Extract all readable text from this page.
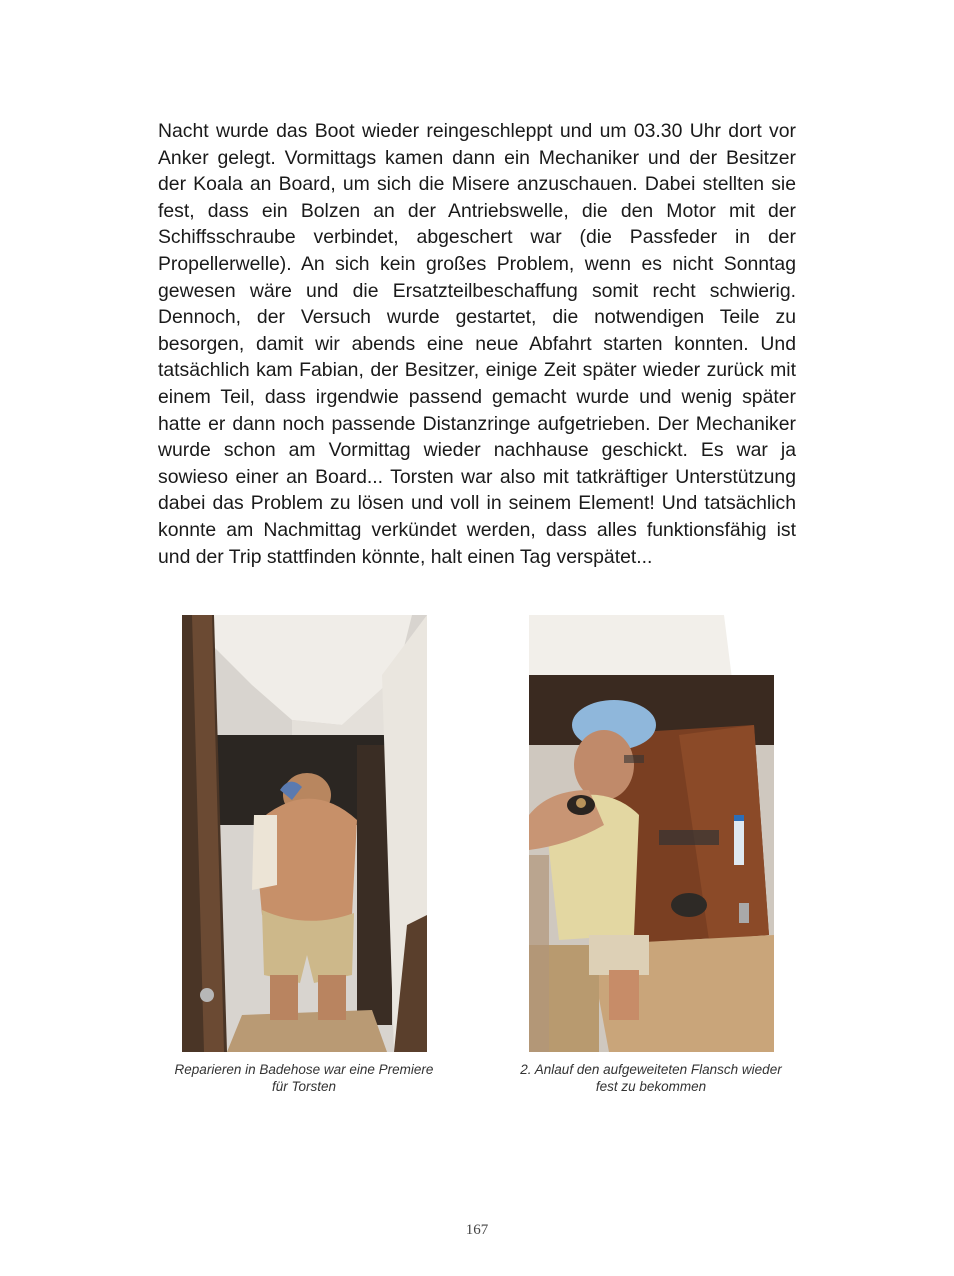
Nacht wurde das Boot wieder reingeschleppt und um 03.30 Uhr dort vor Anker gelegt. Vormittags kamen dann ein Mechaniker und der Besitzer der Koala an Board, um sich die Misere anzuschauen. Dabei stellten sie fest, dass ein Bolzen an der Antriebswelle, die den Motor mit der Schiffsschraube verbindet, abgeschert war (die Passfeder in der Propellerwelle). An sich kein großes Problem, wenn es nicht Sonntag gewesen wäre und die Ersatzteilbeschaffung somit recht schwierig. Dennoch, der Versuch wurde gestartet, die notwendigen Teile zu besorgen, damit wir abends eine neue Abfahrt starten konnten. Und tatsächlich kam Fabian, der Besitzer, einige Zeit später wieder zurück mit einem Teil, dass irgendwie passend gemacht wurde und wenig später hatte er dann noch passende Distanzringe aufgetrieben. Der Mechaniker wurde schon am Vormittag wieder nachhause geschickt. Es war ja sowieso einer an Board... Torsten war also mit tatkräftiger Unterstützung dabei das Problem zu lösen und voll in seinem Element! Und tatsächlich konnte am Nachmittag verkündet werden, dass alles funktionsfähig ist und der Trip stattfinden könnte, halt einen Tag verspätet...

Reparieren in Badehose war eine Premiere
für Torsten
2. Anlauf den aufgeweiteten Flansch wieder
fest zu bekommen
167
